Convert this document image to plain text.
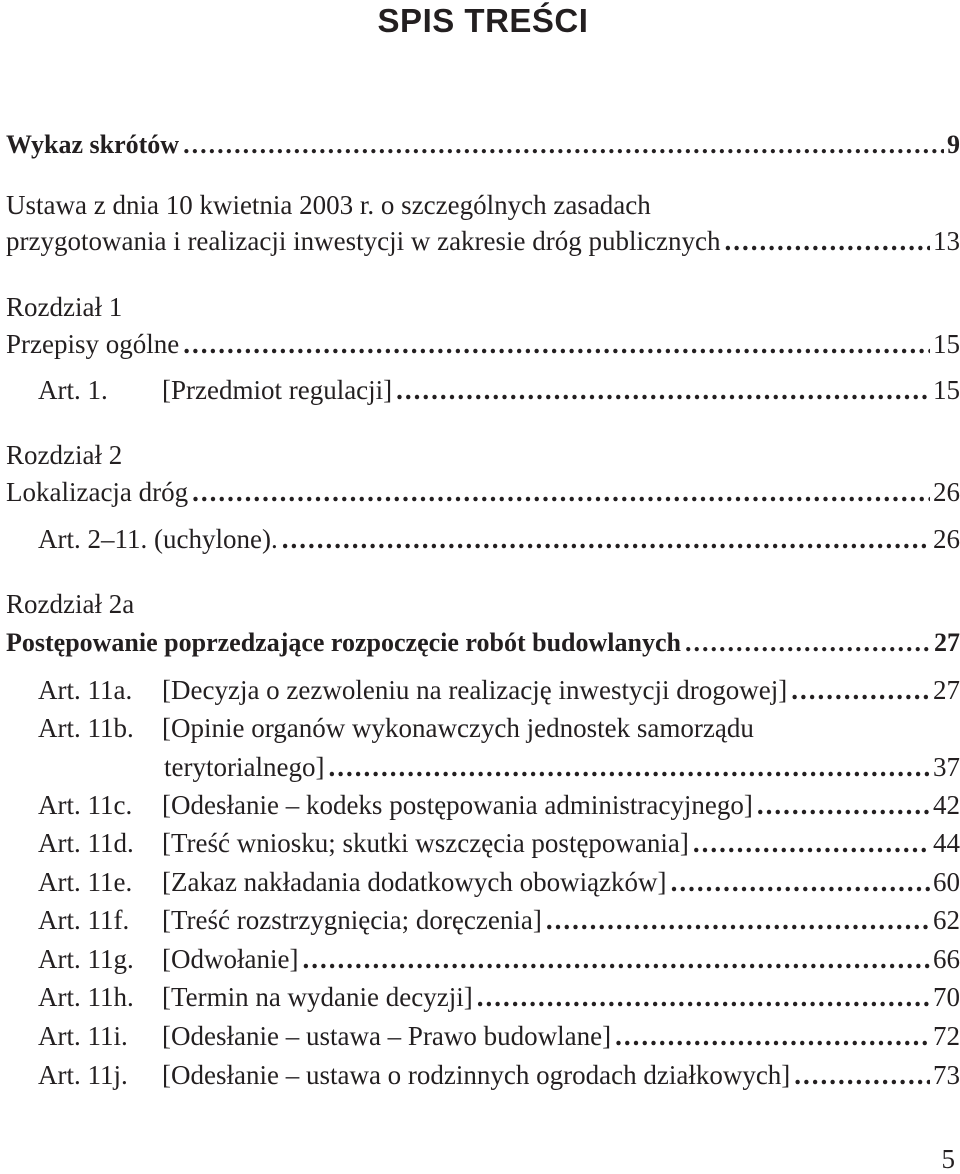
SPIS TREŚCI
Wykaz skrótów .....	9
Ustawa z dnia 10 kwietnia 2003 r. o szczególnych zasadach
przygotowania i realizacji inwestycji w zakresie dróg publicznych .....	13
Rozdział 1
Przepisy ogólne .....	15
Art. 1.	[Przedmiot regulacji] .....	15
Rozdział 2
Lokalizacja dróg .....	26
Art. 2–11. (uchylone). .....	26
Rozdział 2a
Postępowanie poprzedzające rozpoczęcie robót budowlanych .....	27
Art. 11a.	[Decyzja o zezwoleniu na realizację inwestycji drogowej] .....	27
Art. 11b. [Opinie organów wykonawczych jednostek samorządu
terytorialnego] .....	37
Art. 11c.	[Odesłanie – kodeks postępowania administracyjnego] .....	42
Art. 11d.	[Treść wniosku; skutki wszczęcia postępowania] .....	44
Art. 11e.	[Zakaz nakładania dodatkowych obowiązków] .....	60
Art. 11f.	[Treść rozstrzygnięcia; doręczenia] .....	62
Art. 11g.	[Odwołanie] .....	66
Art. 11h.	[Termin na wydanie decyzji] .....	70
Art. 11i.	[Odesłanie – ustawa – Prawo budowlane] .....	72
Art. 11j.	[Odesłanie – ustawa o rodzinnych ogrodach działkowych] .....	73
5
